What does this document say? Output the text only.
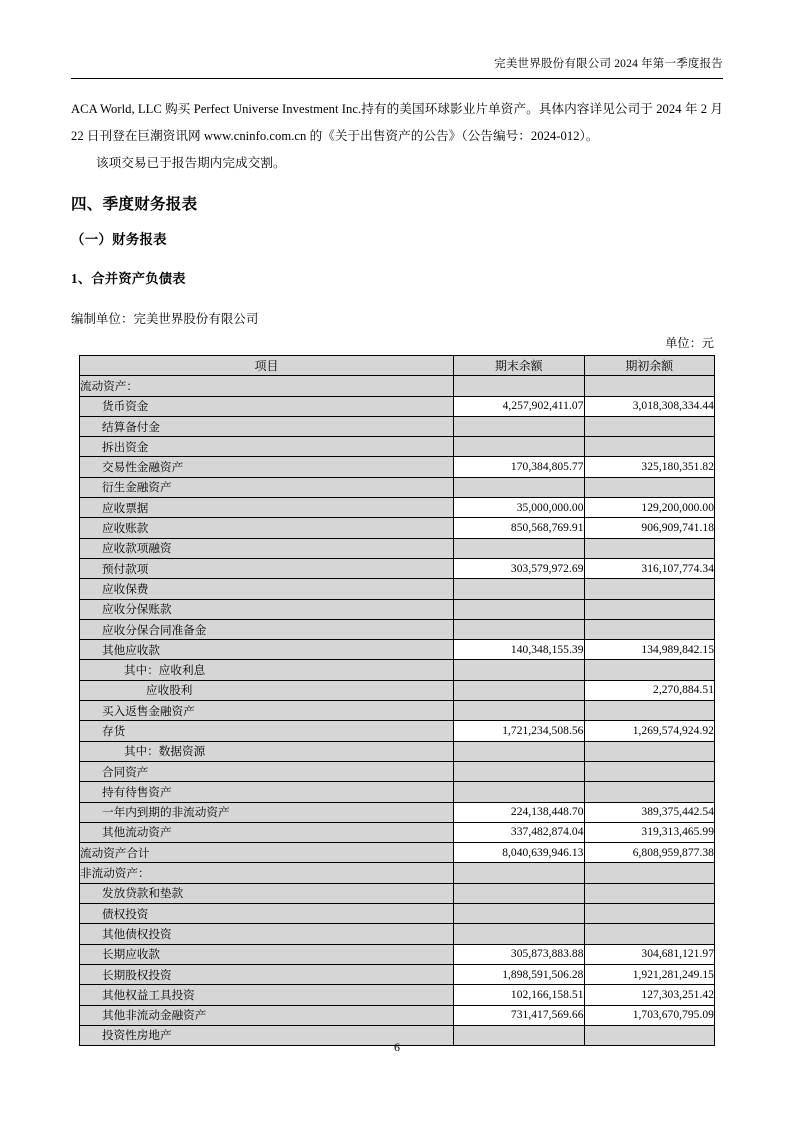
完美世界股份有限公司 2024 年第一季度报告

ACA World, LLC 购买 Perfect Universe Investment Inc.持有的美国环球影业片单资产。具体内容详见公司于 2024 年 2 月 22 日刊登在巨潮资讯网 www.cninfo.com.cn 的《关于出售资产的公告》（公告编号：2024-012）。

该项交易已于报告期内完成交割。

四、季度财务报表
（一）财务报表
1、合并资产负债表
编制单位：完美世界股份有限公司
单位：元
项目	期末余额	期初余额
流动资产：		
货币资金	4,257,902,411.07	3,018,308,334.44
结算备付金		
拆出资金		
交易性金融资产	170,384,805.77	325,180,351.82
衍生金融资产		
应收票据	35,000,000.00	129,200,000.00
应收账款	850,568,769.91	906,909,741.18
应收款项融资		
预付款项	303,579,972.69	316,107,774.34
应收保费		
应收分保账款		
应收分保合同准备金		
其他应收款	140,348,155.39	134,989,842.15
其中：应收利息		
应收股利		2,270,884.51
买入返售金融资产		
存货	1,721,234,508.56	1,269,574,924.92
其中：数据资源		
合同资产		
持有待售资产		
一年内到期的非流动资产	224,138,448.70	389,375,442.54
其他流动资产	337,482,874.04	319,313,465.99
流动资产合计	8,040,639,946.13	6,808,959,877.38
非流动资产：		
发放贷款和垫款		
债权投资		
其他债权投资		
长期应收款	305,873,883.88	304,681,121.97
长期股权投资	1,898,591,506.28	1,921,281,249.15
其他权益工具投资	102,166,158.51	127,303,251.42
其他非流动金融资产	731,417,569.66	1,703,670,795.09
投资性房地产		
6
